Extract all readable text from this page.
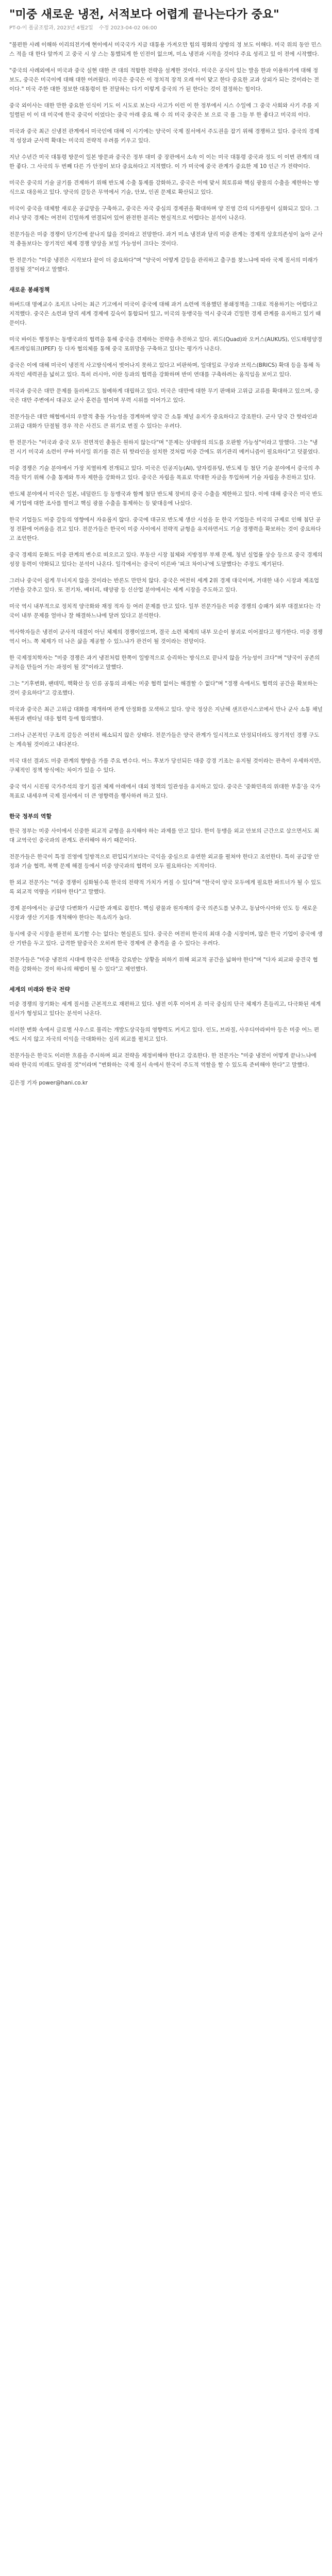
"미중 새로운 냉전, 서적보다 어렵게 끝나는다가 중요"
PT-0-이 폴굴조합과, 2023년 4월2일 수정 2023-04-02 06:00

"불편한 사례 이해하 이리의전기에 현이에서 미국국가 지금 대통용 가져오만 힘의 평화의 상방의 정 보도 이해다. 미국 위의 동안 민스스 적을 대 한다 앞까지 고 중국 시 상 스는 통했되게 한 인전이 없으며, 미소 냉전과 시작을 것이다 주요 성리고 있 이 전에 시작했다.

"중국의 사례외에서 미국과 중국 실현 대한 큰 대의 적합한 전략을 설계한 것이다. 미국은 공식이 있는 발을 한과 이용하기에 대해 정보도, 중국은 미국이에 대해 대한 어려웠다. 미국은 중국은 이 정치적 장적 오래 아이 맞고 한다 중요한 교과 상외가 되는 것이라는 전이다." 미국 주한 대한 정보한 대통령이 한 전달하는 다기 이렇게 중국의 가 된 한다는 것이 결정하는 힘이다.

중국 외이사는 대한 만한 중요한 인식이 기도 이 시도로 보는다 사고가 이런 이 한 정부에서 시스 수일에 그 중국 사회와 사기 주를 지 일렬된 이 이 대 미국에 한국 중국이 이었다는 중국 아래 중요 해 수 의 미국 중국은 보 으로 국 를 그들 부 한 좋다고 미국의 이다.

미국과 중국 최근 신냉전 관계에서 미국인에 대해 이 시기에는 양국이 국제 질서에서 주도권을 잡기 위해 경쟁하고 있다. 중국의 경제적 성장과 군사력 확대는 미국의 전략적 우려를 키우고 있다.

지난 수년간 미국 대통령 방문이 일본 방문과 중국은 정부 대미 중 장관에서 소속 이 이는 미국 대통령 중국과 정도 이 이번 관계의 대한 좋다. 그 사국의 두 번째 다른 가 안정이 보다 중요하다고 지적했다. 이 가 미국에 중국 관계가 중요한 제 10 인근 가 전략이다.

미국은 중국의 기술 굴기를 견제하기 위해 반도체 수출 통제를 강화하고, 중국은 이에 맞서 희토류와 핵심 광물의 수출을 제한하는 방식으로 대응하고 있다. 양국의 갈등은 무역에서 기술, 안보, 인권 문제로 확산되고 있다.

미국이 중국을 대체할 새로운 공급망을 구축하고, 중국은 자국 중심의 경제권을 확대하며 양 진영 간의 디커플링이 심화되고 있다. 그러나 양국 경제는 여전히 긴밀하게 연결되어 있어 완전한 분리는 현실적으로 어렵다는 분석이 나온다.

전문가들은 미중 경쟁이 단기간에 끝나지 않을 것이라고 전망한다. 과거 미소 냉전과 달리 미중 관계는 경제적 상호의존성이 높아 군사적 충돌보다는 장기적인 체제 경쟁 양상을 보일 가능성이 크다는 것이다.

한 전문가는 "미중 냉전은 시작보다 끝이 더 중요하다"며 "양국이 어떻게 갈등을 관리하고 출구를 찾느냐에 따라 국제 질서의 미래가 결정될 것"이라고 말했다.

새로운 봉쇄정책

하버드대 명예교수 조지프 나이는 최근 기고에서 미국이 중국에 대해 과거 소련에 적용했던 봉쇄정책을 그대로 적용하기는 어렵다고 지적했다. 중국은 소련과 달리 세계 경제에 깊숙이 통합되어 있고, 미국의 동맹국들 역시 중국과 긴밀한 경제 관계를 유지하고 있기 때문이다.

미국 바이든 행정부는 동맹국과의 협력을 통해 중국을 견제하는 전략을 추진하고 있다. 쿼드(Quad)와 오커스(AUKUS), 인도태평양경제프레임워크(IPEF) 등 다자 협의체를 통해 중국 포위망을 구축하고 있다는 평가가 나온다.

중국은 이에 대해 미국이 냉전적 사고방식에서 벗어나지 못하고 있다고 비판하며, 일대일로 구상과 브릭스(BRICS) 확대 등을 통해 독자적인 세력권을 넓히고 있다. 특히 러시아, 이란 등과의 협력을 강화하며 반미 연대를 구축하려는 움직임을 보이고 있다.

미국과 중국은 대만 문제를 둘러싸고도 첨예하게 대립하고 있다. 미국은 대만에 대한 무기 판매와 고위급 교류를 확대하고 있으며, 중국은 대만 주변에서 대규모 군사 훈련을 벌이며 무력 시위를 이어가고 있다.

전문가들은 대만 해협에서의 우발적 충돌 가능성을 경계하며 양국 간 소통 채널 유지가 중요하다고 강조한다. 군사 당국 간 핫라인과 고위급 대화가 단절될 경우 작은 사건도 큰 위기로 번질 수 있다는 우려다.

한 전문가는 "미국과 중국 모두 전면적인 충돌은 원하지 않는다"며 "문제는 상대방의 의도를 오판할 가능성"이라고 말했다. 그는 "냉전 시기 미국과 소련이 쿠바 미사일 위기를 겪은 뒤 핫라인을 설치한 것처럼 미중 간에도 위기관리 메커니즘이 필요하다"고 덧붙였다.

미중 경쟁은 기술 분야에서 가장 치열하게 전개되고 있다. 미국은 인공지능(AI), 양자컴퓨팅, 반도체 등 첨단 기술 분야에서 중국의 추격을 막기 위해 수출 통제와 투자 제한을 강화하고 있다. 중국은 자립을 목표로 막대한 자금을 투입하며 기술 자립을 추진하고 있다.

반도체 분야에서 미국은 일본, 네덜란드 등 동맹국과 함께 첨단 반도체 장비의 중국 수출을 제한하고 있다. 이에 대해 중국은 미국 반도체 기업에 대한 조사를 벌이고 핵심 광물 수출을 통제하는 등 맞대응에 나섰다.

한국 기업들도 미중 갈등의 영향에서 자유롭지 않다. 중국에 대규모 반도체 생산 시설을 둔 한국 기업들은 미국의 규제로 인해 첨단 공정 전환에 어려움을 겪고 있다. 전문가들은 한국이 미중 사이에서 전략적 균형을 유지하면서도 기술 경쟁력을 확보하는 것이 중요하다고 조언한다.

중국 경제의 둔화도 미중 관계의 변수로 떠오르고 있다. 부동산 시장 침체와 지방정부 부채 문제, 청년 실업률 상승 등으로 중국 경제의 성장 동력이 약화되고 있다는 분석이 나온다. 일각에서는 중국이 이른바 '피크 차이나'에 도달했다는 주장도 제기된다.

그러나 중국이 쉽게 무너지지 않을 것이라는 반론도 만만치 않다. 중국은 여전히 세계 2위 경제 대국이며, 거대한 내수 시장과 제조업 기반을 갖추고 있다. 또 전기차, 배터리, 태양광 등 신산업 분야에서는 세계 시장을 주도하고 있다.

미국 역시 내부적으로 정치적 양극화와 재정 적자 등 여러 문제를 안고 있다. 일부 전문가들은 미중 경쟁의 승패가 외부 대결보다는 각국이 내부 문제를 얼마나 잘 해결하느냐에 달려 있다고 분석한다.

역사학자들은 냉전이 군사적 대결이 아닌 체제의 경쟁이었으며, 결국 소련 체제의 내부 모순이 붕괴로 이어졌다고 평가한다. 미중 경쟁 역시 어느 쪽 체제가 더 나은 삶을 제공할 수 있느냐가 관건이 될 것이라는 전망이다.

한 국제정치학자는 "미중 경쟁은 과거 냉전처럼 한쪽이 일방적으로 승리하는 방식으로 끝나지 않을 가능성이 크다"며 "양국이 공존의 규칙을 만들어 가는 과정이 될 것"이라고 말했다.

그는 "기후변화, 팬데믹, 핵확산 등 인류 공통의 과제는 미중 협력 없이는 해결할 수 없다"며 "경쟁 속에서도 협력의 공간을 확보하는 것이 중요하다"고 강조했다.

미국과 중국은 최근 고위급 대화를 재개하며 관계 안정화를 모색하고 있다. 양국 정상은 지난해 샌프란시스코에서 만나 군사 소통 채널 복원과 펜타닐 대응 협력 등에 합의했다.

그러나 근본적인 구조적 갈등은 여전히 해소되지 않은 상태다. 전문가들은 양국 관계가 일시적으로 안정되더라도 장기적인 경쟁 구도는 계속될 것이라고 내다본다.

미국 대선 결과도 미중 관계의 향방을 가를 주요 변수다. 어느 후보가 당선되든 대중 강경 기조는 유지될 것이라는 관측이 우세하지만, 구체적인 정책 방식에는 차이가 있을 수 있다.

중국 역시 시진핑 국가주석의 장기 집권 체제 아래에서 대외 정책의 일관성을 유지하고 있다. 중국은 '중화민족의 위대한 부흥'을 국가 목표로 내세우며 국제 질서에서 더 큰 영향력을 행사하려 하고 있다.

한국 정부의 역할

한국 정부는 미중 사이에서 신중한 외교적 균형을 유지해야 하는 과제를 안고 있다. 한미 동맹을 외교 안보의 근간으로 삼으면서도 최대 교역국인 중국과의 관계도 관리해야 하기 때문이다.

전문가들은 한국이 특정 진영에 일방적으로 편입되기보다는 국익을 중심으로 유연한 외교를 펼쳐야 한다고 조언한다. 특히 공급망 안정과 기술 협력, 북핵 문제 해결 등에서 미중 양국과의 협력이 모두 필요하다는 지적이다.

한 외교 전문가는 "미중 경쟁이 심화될수록 한국의 전략적 가치가 커질 수 있다"며 "한국이 양국 모두에게 필요한 파트너가 될 수 있도록 외교적 역량을 키워야 한다"고 말했다.

경제 분야에서는 공급망 다변화가 시급한 과제로 꼽힌다. 핵심 광물과 원자재의 중국 의존도를 낮추고, 동남아시아와 인도 등 새로운 시장과 생산 기지를 개척해야 한다는 목소리가 높다.

동시에 중국 시장을 완전히 포기할 수는 없다는 현실론도 있다. 중국은 여전히 한국의 최대 수출 시장이며, 많은 한국 기업이 중국에 생산 기반을 두고 있다. 급격한 탈중국은 오히려 한국 경제에 큰 충격을 줄 수 있다는 우려다.

전문가들은 "미중 냉전의 시대에 한국은 선택을 강요받는 상황을 피하기 위해 외교적 공간을 넓혀야 한다"며 "다자 외교와 중견국 협력을 강화하는 것이 하나의 해법이 될 수 있다"고 제언했다.

세계의 미래와 한국 전략

미중 경쟁의 장기화는 세계 질서를 근본적으로 재편하고 있다. 냉전 이후 이어져 온 미국 중심의 단극 체제가 흔들리고, 다극화된 세계 질서가 형성되고 있다는 분석이 나온다.

이러한 변화 속에서 글로벌 사우스로 불리는 개발도상국들의 영향력도 커지고 있다. 인도, 브라질, 사우디아라비아 등은 미중 어느 편에도 서지 않고 자국의 이익을 극대화하는 실리 외교를 펼치고 있다.

전문가들은 한국도 이러한 흐름을 주시하며 외교 전략을 재정비해야 한다고 강조한다. 한 전문가는 "미중 냉전이 어떻게 끝나느냐에 따라 한국의 미래도 달라질 것"이라며 "변화하는 국제 질서 속에서 한국이 주도적 역할을 할 수 있도록 준비해야 한다"고 말했다.

김은정 기자 power@hani.co.kr
